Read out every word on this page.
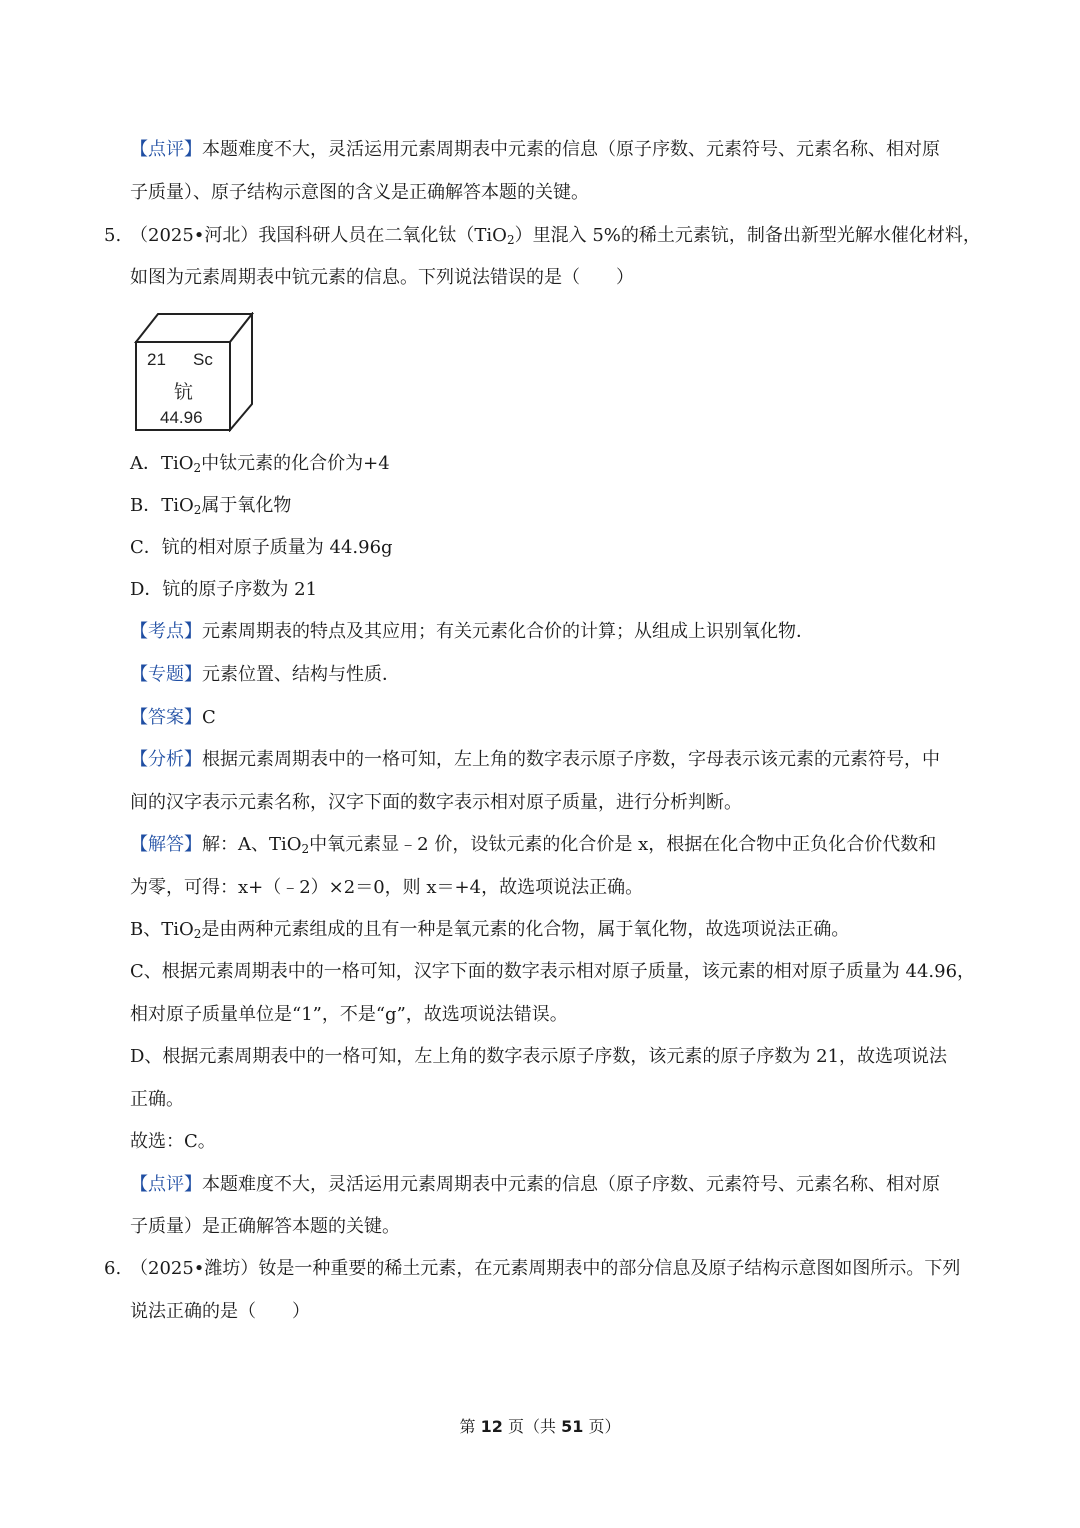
【点评】本题难度不大，灵活运用元素周期表中元素的信息（原子序数、元素符号、元素名称、相对原
子质量）、原子结构示意图的含义是正确解答本题的关键。
5. （2025•河北）我国科研人员在二氧化钛（TiO$_2$）里混入 5%的稀土元素钪，制备出新型光解水催化材料，
如图为元素周期表中钪元素的信息。下列说法错误的是（　　）
21 Sc
钪
44.96
A．TiO$_2$中钛元素的化合价为+4
B．TiO$_2$属于氧化物
C．钪的相对原子质量为 44.96g
D．钪的原子序数为 21
【考点】元素周期表的特点及其应用；有关元素化合价的计算；从组成上识别氧化物．
【专题】元素位置、结构与性质．
【答案】C
【分析】根据元素周期表中的一格可知，左上角的数字表示原子序数，字母表示该元素的元素符号，中
间的汉字表示元素名称，汉字下面的数字表示相对原子质量，进行分析判断。
【解答】解：A、TiO$_2$中氧元素显﹣2 价，设钛元素的化合价是 x，根据在化合物中正负化合价代数和
为零，可得：x+（﹣2）×2＝0，则 x＝+4，故选项说法正确。
B、TiO$_2$是由两种元素组成的且有一种是氧元素的化合物，属于氧化物，故选项说法正确。
C、根据元素周期表中的一格可知，汉字下面的数字表示相对原子质量，该元素的相对原子质量为 44.96，
相对原子质量单位是“1”，不是“g”，故选项说法错误。
D、根据元素周期表中的一格可知，左上角的数字表示原子序数，该元素的原子序数为 21，故选项说法
正确。
故选：C。
【点评】本题难度不大，灵活运用元素周期表中元素的信息（原子序数、元素符号、元素名称、相对原
子质量）是正确解答本题的关键。
6. （2025•潍坊）钕是一种重要的稀土元素，在元素周期表中的部分信息及原子结构示意图如图所示。下列
说法正确的是（　　）
第 12 页（共 51 页）
